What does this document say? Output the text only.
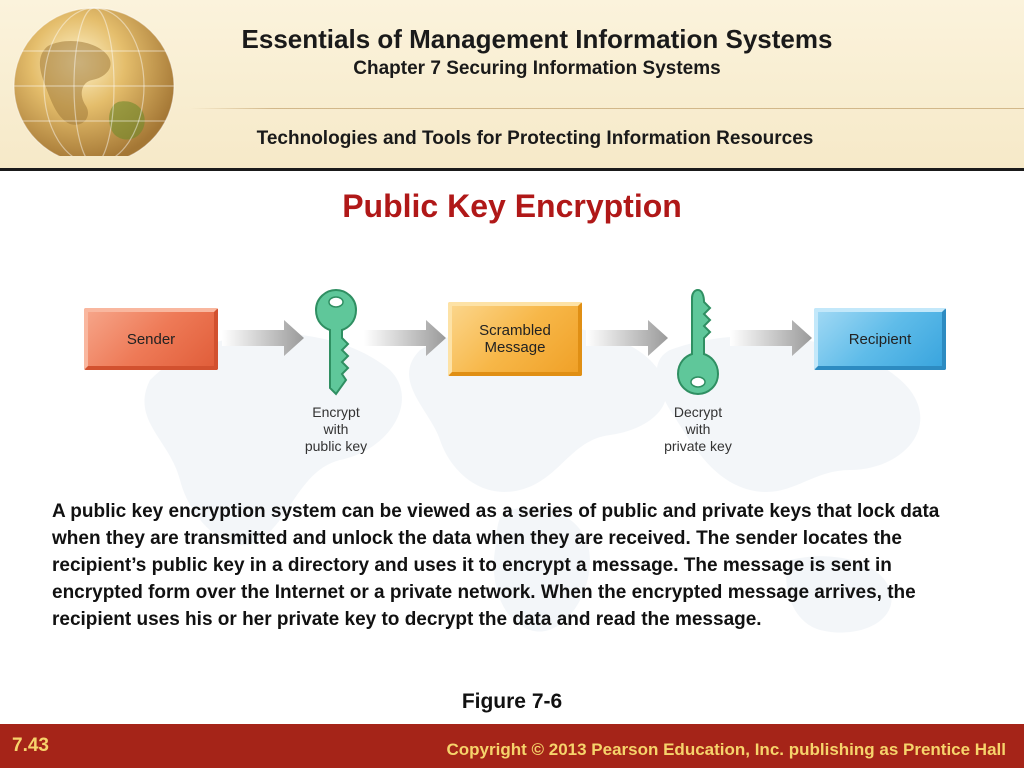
Essentials of Management Information Systems
Chapter 7 Securing Information Systems
Technologies and Tools for Protecting Information Resources
Public Key Encryption
Sender
Encrypt
with
public key
Scrambled
Message
Decrypt
with
private key
Recipient
A public key encryption system can be viewed as a series of public and private keys that lock data when they are transmitted and unlock the data when they are received. The sender locates the recipient’s public key in a directory and uses it to encrypt a message. The message is sent in encrypted form over the Internet or a private network. When the encrypted message arrives, the recipient uses his or her private key to decrypt the data and read the message.
Figure 7-6
7.43	Copyright © 2013 Pearson Education, Inc. publishing as Prentice Hall
